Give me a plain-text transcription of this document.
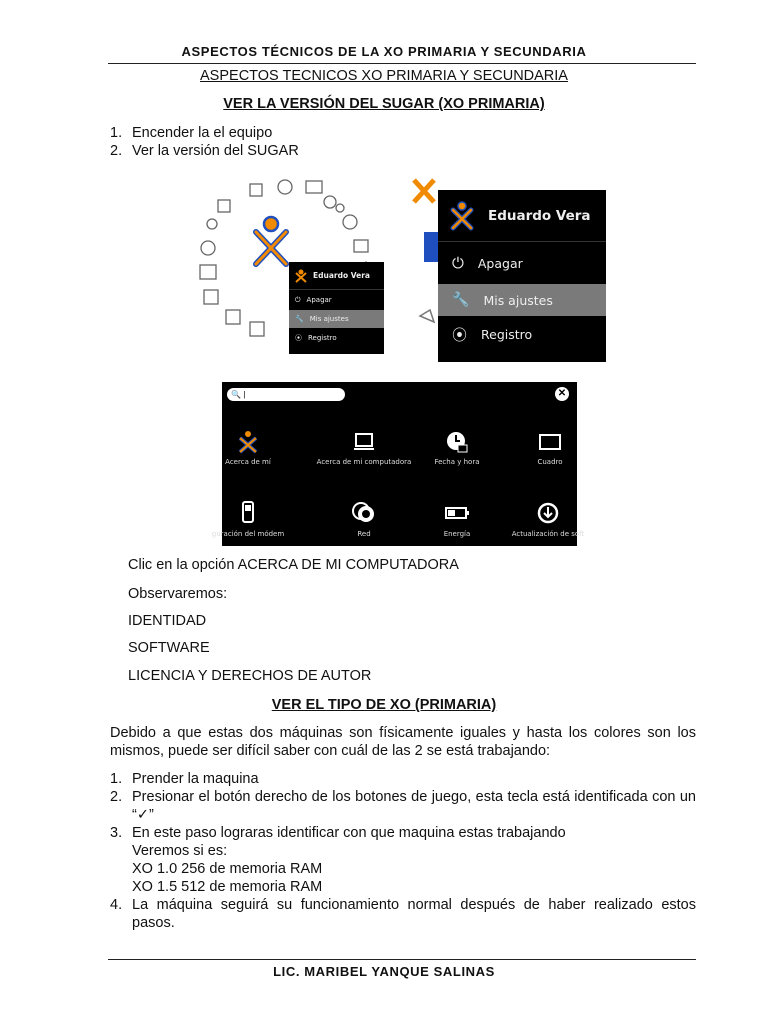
ASPECTOS TÉCNICOS DE LA XO PRIMARIA Y SECUNDARIA
ASPECTOS TECNICOS XO PRIMARIA Y SECUNDARIA
VER LA VERSIÓN DEL SUGAR (XO PRIMARIA)
1. Encender la el equipo
2. Ver la versión del SUGAR
Eduardo Vera
⏻ Apagar
🔧 Mis ajustes
⦿ Registro
Eduardo Vera
⏻ Apagar
🔧 Mis ajustes
⦿ Registro
🔍 |	✕
Acerca de mí	Acerca de mi computadora	Fecha y hora	Cuadro
guración del módem	Red	Energía	Actualización de soft
Clic en la opción ACERCA DE MI COMPUTADORA
Observaremos:
IDENTIDAD
SOFTWARE
LICENCIA Y DERECHOS DE AUTOR
VER EL TIPO DE XO (PRIMARIA)
Debido a que estas dos máquinas son físicamente iguales y hasta los colores son los mismos, puede ser difícil saber con cuál de las 2 se está trabajando:
1. Prender la maquina
2. Presionar el botón derecho de los botones de juego, esta tecla está identificada con un “✓”
3. En este paso lograras identificar con que maquina estas trabajando
Veremos si es:
XO 1.0 256 de memoria RAM
XO 1.5 512 de memoria RAM
4. La máquina seguirá su funcionamiento normal después de haber realizado estos pasos.
LIC. MARIBEL YANQUE SALINAS
